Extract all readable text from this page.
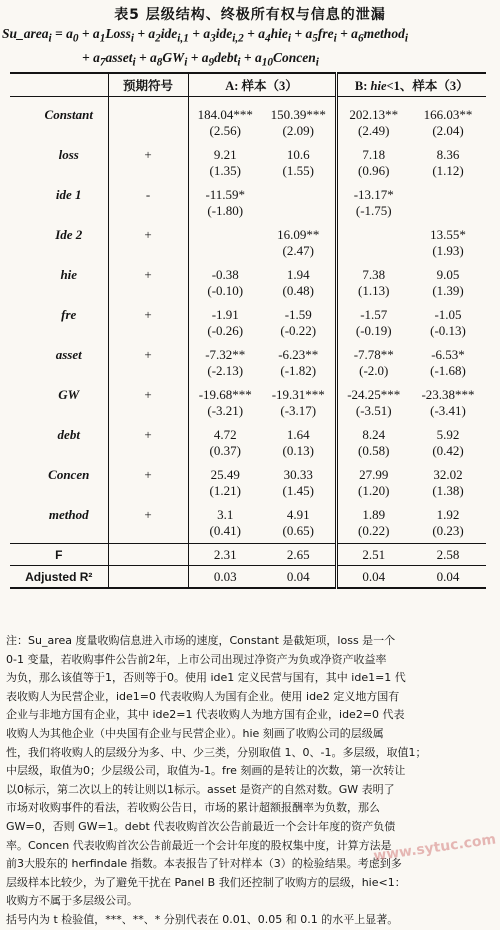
表5 层级结构、终极所有权与信息的泄漏
Su_area$_i$ = $a_0$ + $a_1Loss_i + a_2ide_{i,1} + a_3ide_{i,2} + a_4hie_i + a_5fre_i$ + $a_6method_i$
+ $a_7asset_i + a_8GW_i$ + $a_9debt_i$ + $a_{10}Concen_i$
	预期符号	A: 样本（3）		B: hie<1、样本（3）	
Constant		184.04***	150.39***	202.13**	166.03**
		(2.56)	(2.09)	(2.49)	(2.04)
loss	+	9.21	10.6	7.18	8.36
		(1.35)	(1.55)	(0.96)	(1.12)
ide 1	-	-11.59*		-13.17*	
		(-1.80)		(-1.75)	
Ide 2	+		16.09**		13.55*
			(2.47)		(1.93)
hie	+	-0.38	1.94	7.38	9.05
		(-0.10)	(0.48)	(1.13)	(1.39)
fre	+	-1.91	-1.59	-1.57	-1.05
		(-0.26)	(-0.22)	(-0.19)	(-0.13)
asset	+	-7.32**	-6.23**	-7.78**	-6.53*
		(-2.13)	(-1.82)	(-2.0)	(-1.68)
GW	+	-19.68***	-19.31***	-24.25***	-23.38***
		(-3.21)	(-3.17)	(-3.51)	(-3.41)
debt	+	4.72	1.64	8.24	5.92
		(0.37)	(0.13)	(0.58)	(0.42)
Concen	+	25.49	30.33	27.99	32.02
		(1.21)	(1.45)	(1.20)	(1.38)
method	+	3.1	4.91	1.89	1.92
		(0.41)	(0.65)	(0.22)	(0.23)
F		2.31	2.65	2.51	2.58
Adjusted R²		0.03	0.04	0.04	0.04
注：Su_area 度量收购信息进入市场的速度，Constant 是截矩项，loss 是一个
0-1 变量，若收购事件公告前2年，上市公司出现过净资产为负或净资产收益率
为负，那么该值等于1，否则等于0。使用 ide1 定义民营与国有，其中 ide1=1 代
表收购人为民营企业，ide1=0 代表收购人为国有企业。使用 ide2 定义地方国有
企业与非地方国有企业，其中 ide2=1 代表收购人为地方国有企业，ide2=0 代表
收购人为其他企业（中央国有企业与民营企业）。hie 刻画了收购公司的层级属
性，我们将收购人的层级分为多、中、少三类，分别取值 1、0、-1。多层级，取值1；
中层级，取值为0；少层级公司，取值为-1。fre 刻画的是转让的次数，第一次转让
以0标示，第二次以上的转让则以1标示。asset 是资产的自然对数。GW 表明了
市场对收购事件的看法，若收购公告日，市场的累计超额报酬率为负数，那么
GW=0，否则 GW=1。debt 代表收购首次公告前最近一个会计年度的资产负债
率。Concen 代表收购首次公告前最近一个会计年度的股权集中度，计算方法是
前3大股东的 herfindale 指数。本表报告了针对样本（3）的检验结果。考虑到多
层级样本比较少，为了避免干扰在 Panel B 我们还控制了收购方的层级，hie<1：
收购方不属于多层级公司。
括号内为 t 检验值，***、**、* 分别代表在 0.01、0.05 和 0.1 的水平上显著。
www.sytuc.com
